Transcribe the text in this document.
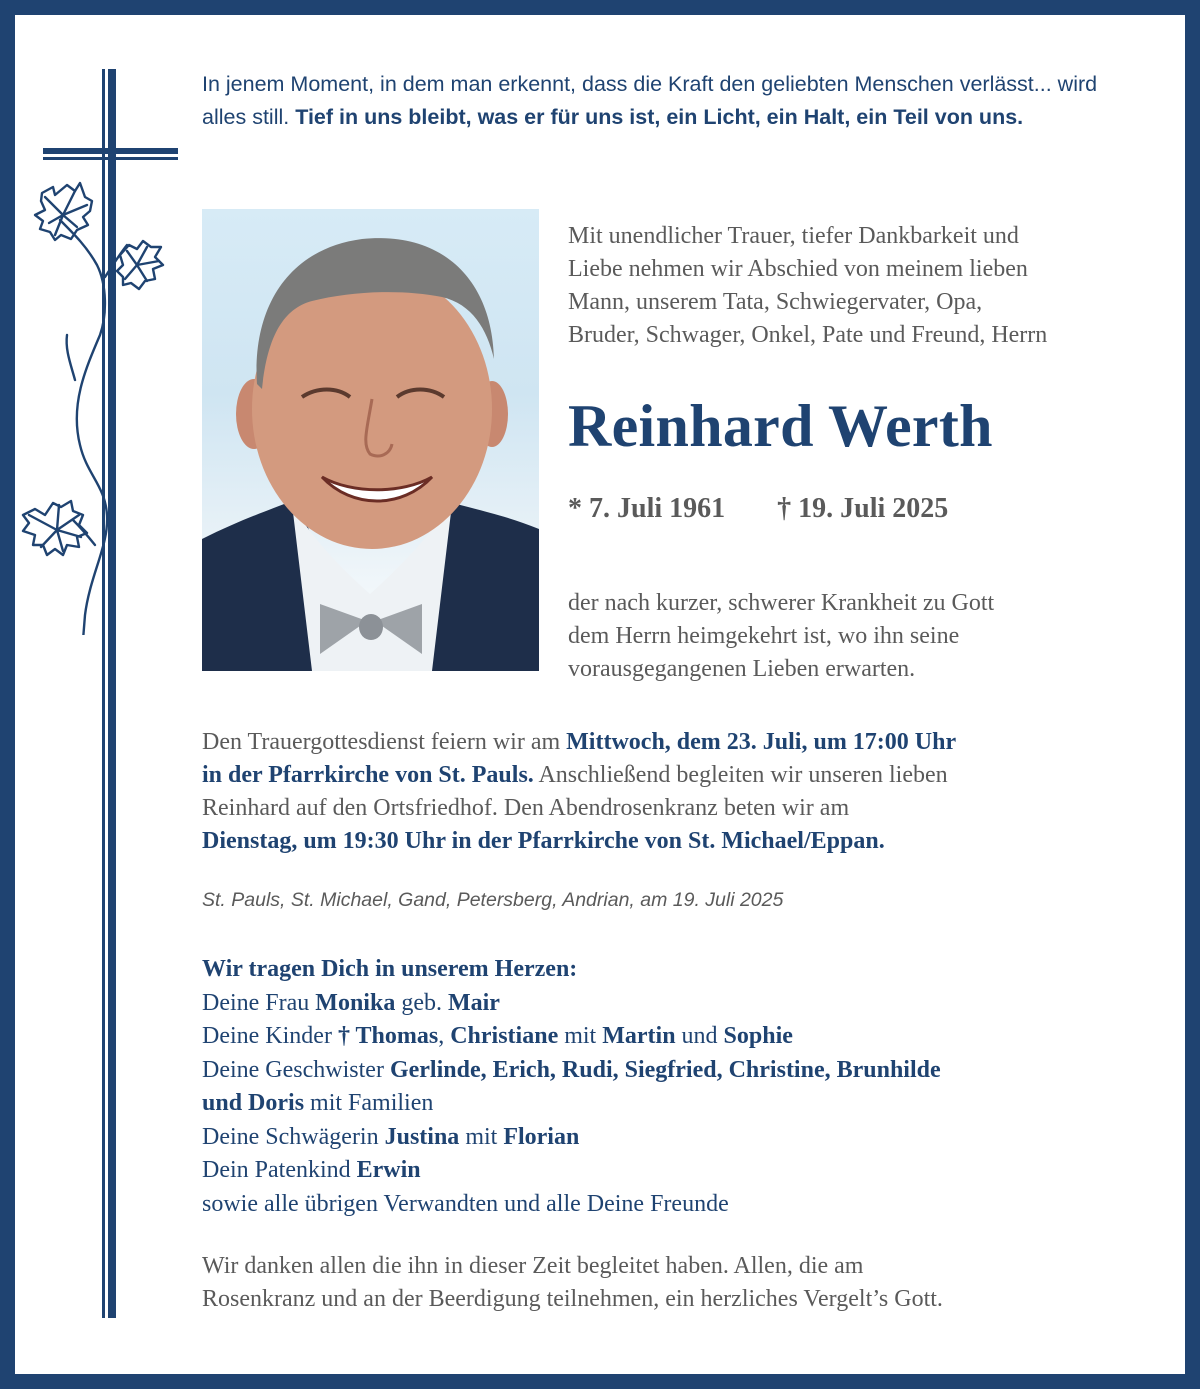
In jenem Moment, in dem man erkennt, dass die Kraft den geliebten Menschen verlässt... wird alles still. Tief in uns bleibt, was er für uns ist, ein Licht, ein Halt, ein Teil von uns.
Mit unendlicher Trauer, tiefer Dankbarkeit und
Liebe nehmen wir Abschied von meinem lieben
Mann, unserem Tata, Schwiegervater, Opa,
Bruder, Schwager, Onkel, Pate und Freund, Herrn
Reinhard Werth
* 7. Juli 1961 † 19. Juli 2025
der nach kurzer, schwerer Krankheit zu Gott
dem Herrn heimgekehrt ist, wo ihn seine
vorausgegangenen Lieben erwarten.
Den Trauergottesdienst feiern wir am Mittwoch, dem 23. Juli, um 17:00 Uhr
in der Pfarrkirche von St. Pauls. Anschließend begleiten wir unseren lieben
Reinhard auf den Ortsfriedhof. Den Abendrosenkranz beten wir am
Dienstag, um 19:30 Uhr in der Pfarrkirche von St. Michael/Eppan.
St. Pauls, St. Michael, Gand, Petersberg, Andrian, am 19. Juli 2025
Wir tragen Dich in unserem Herzen:
Deine Frau Monika geb. Mair
Deine Kinder † Thomas, Christiane mit Martin und Sophie
Deine Geschwister Gerlinde, Erich, Rudi, Siegfried, Christine, Brunhilde
und Doris mit Familien
Deine Schwägerin Justina mit Florian
Dein Patenkind Erwin
sowie alle übrigen Verwandten und alle Deine Freunde
Wir danken allen die ihn in dieser Zeit begleitet haben. Allen, die am
Rosenkranz und an der Beerdigung teilnehmen, ein herzliches Vergelt’s Gott.
